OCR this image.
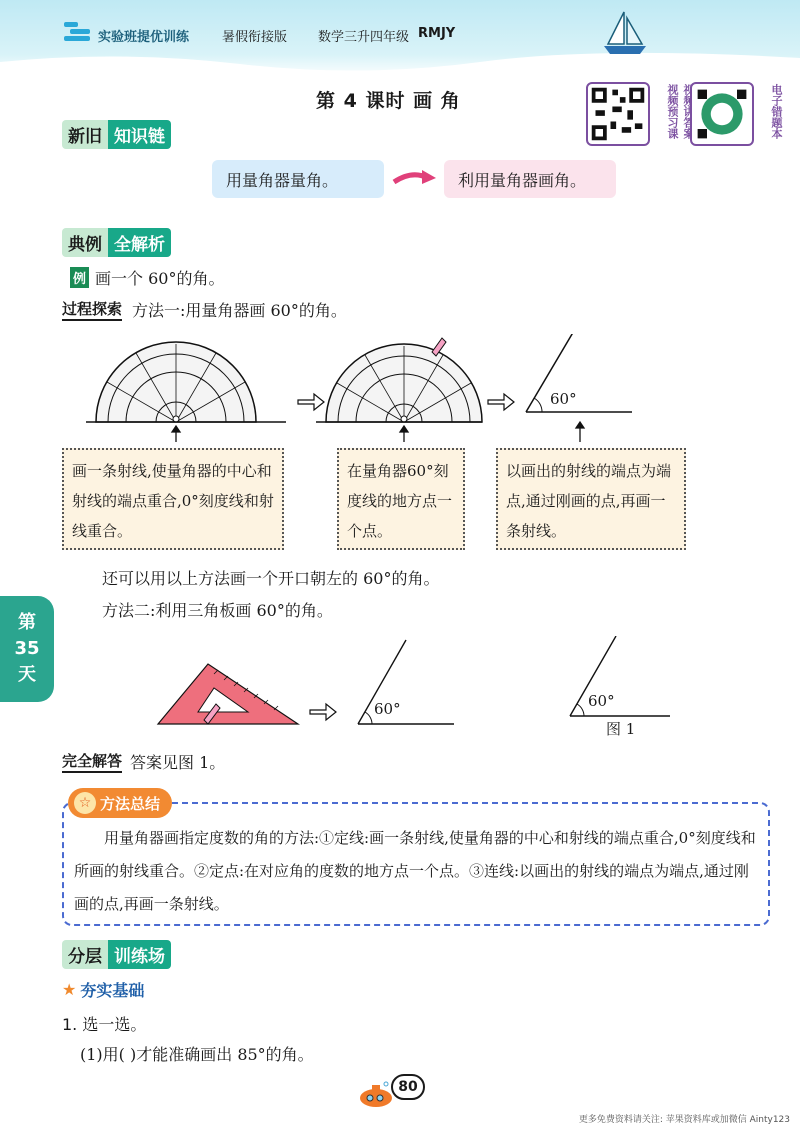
实验班提优训练	暑假衔接版 数学三升四年级 RMJY
第 4 课时 画 角	视频预习课 视频讲答案	电子错题本
新旧 知识链
用量角器量角。	利用量角器画角。
典例 全解析
例 画一个 60°的角。
过程探索 方法一:用量角器画 60°的角。
60°
画一条射线,使量角器的中心和射线的端点重合,0°刻度线和射线重合。
在量角器60°刻度线的地方点一个点。
以画出的射线的端点为端点,通过刚画的点,再画一条射线。
还可以用以上方法画一个开口朝左的 60°的角。
方法二:利用三角板画 60°的角。
第
35
天
60°	60°
图 1
完全解答 答案见图 1。
用量角器画指定度数的角的方法:①定线:画一条射线,使量角器的中心和射线的端点重合,0°刻度线和所画的射线重合。②定点:在对应角的度数的地方点一个点。③连线:以画出的射线的端点为端点,通过刚画的点,再画一条射线。
☆ 方法总结
分层 训练场
★ 夯实基础
1. 选一选。
(1)用( )才能准确画出 85°的角。
80
更多免费资料请关注: 苹果资料库或加微信 Ainty123
